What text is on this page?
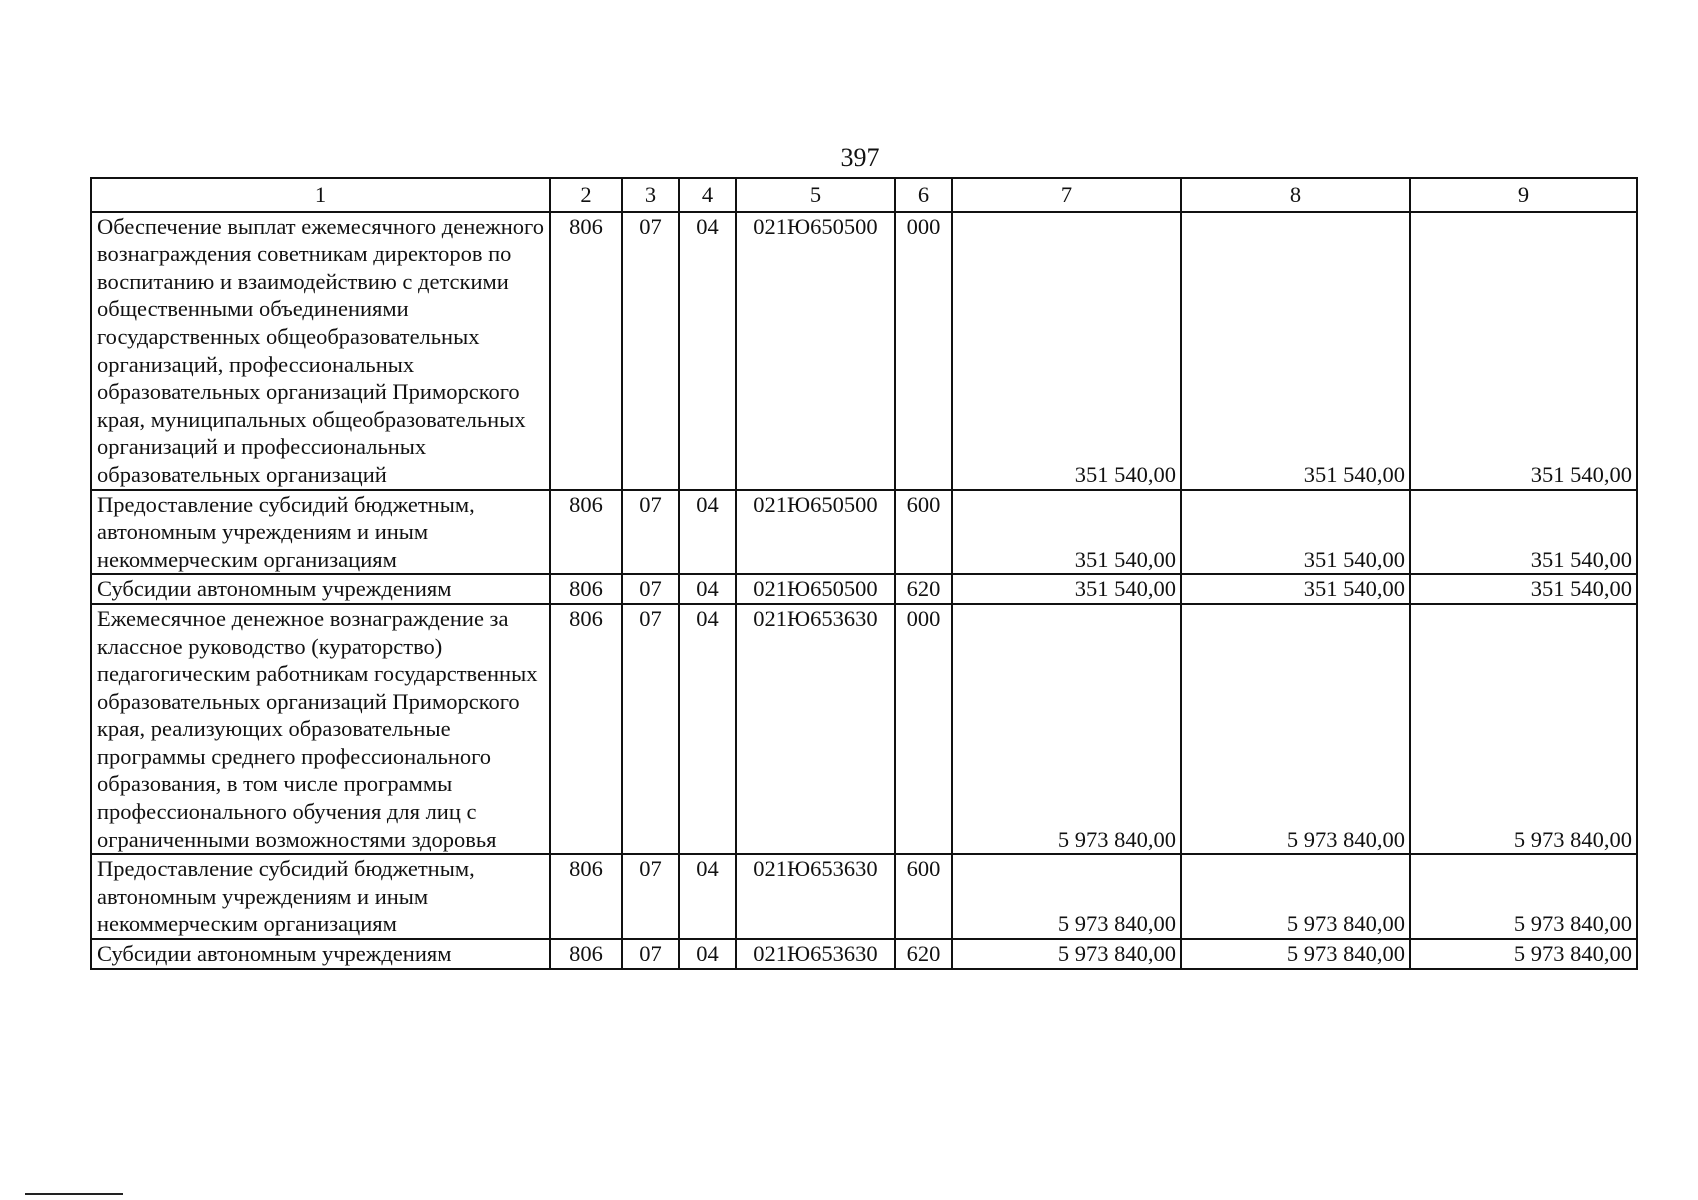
397
1	2	3	4	5	6	7	8	9
Обеспечение выплат ежемесячного денежного вознаграждения советникам директоров по воспитанию и взаимодействию с детскими общественными объединениями государственных общеобразовательных организаций, профессиональных образовательных организаций Приморского края, муниципальных общеобразовательных организаций и профессиональных образовательных организаций	806	07	04	021Ю650500	000	351 540,00	351 540,00	351 540,00
Предоставление субсидий бюджетным, автономным учреждениям и иным некоммерческим организациям	806	07	04	021Ю650500	600	351 540,00	351 540,00	351 540,00
Субсидии автономным учреждениям	806	07	04	021Ю650500	620	351 540,00	351 540,00	351 540,00
Ежемесячное денежное вознаграждение за классное руководство (кураторство) педагогическим работникам государственных образовательных организаций Приморского края, реализующих образовательные программы среднего профессионального образования, в том числе программы профессионального обучения для лиц с ограниченными возможностями здоровья	806	07	04	021Ю653630	000	5 973 840,00	5 973 840,00	5 973 840,00
Предоставление субсидий бюджетным, автономным учреждениям и иным некоммерческим организациям	806	07	04	021Ю653630	600	5 973 840,00	5 973 840,00	5 973 840,00
Субсидии автономным учреждениям	806	07	04	021Ю653630	620	5 973 840,00	5 973 840,00	5 973 840,00
